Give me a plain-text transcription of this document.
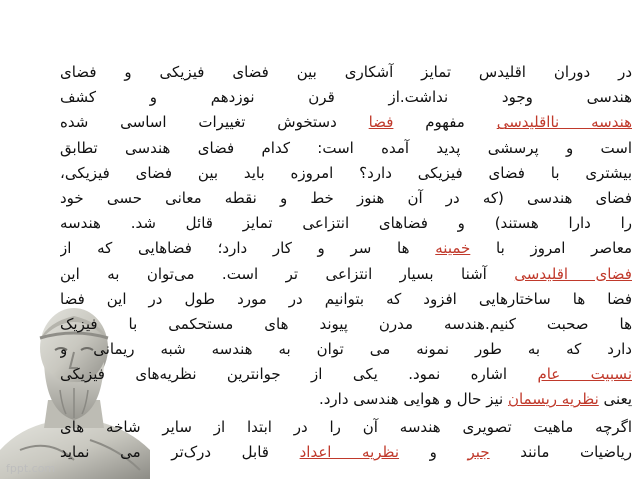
در دوران اقلیدس تمایز آشکاری بین فضای فیزیکی و فضای
هندسی وجود نداشت.از قرن نوزدهم و کشف
هندسه نااقلیدسی مفهوم فضا دستخوش تغییرات اساسی شده
است و پرسشی پدید آمده است: کدام فضای هندسی تطابق
بیشتری با فضای فیزیکی دارد؟ امروزه باید بین فضای فیزیکی،
فضای هندسی (که در آن هنوز خط و نقطه معانی حسی خود
را دارا هستند) و فضاهای انتزاعی تمایز قائل شد. هندسه
معاصر امروز با خمینه ها سر و کار دارد؛ فضاهایی که از
فضای اقلیدسی آشنا بسیار انتزاعی تر است. می‌توان به این
فضا ها ساختارهایی افزود که بتوانیم در مورد طول در این فضا
ها صحبت کنیم.هندسه مدرن پیوند های مستحکمی با فیزیک
دارد که به طور نمونه می توان به هندسه شبه ریمانی و
نسبیت عام اشاره نمود. یکی از جوانترین نظریه‌های فیزیکی
یعنی نظریه ریسمان نیز حال و هوایی هندسی دارد.

اگرچه ماهیت تصویری هندسه آن را در ابتدا از سایر شاخه های
ریاضیات مانند جبر و نظریه اعداد قابل درک‌تر می نماید

fppt.com
